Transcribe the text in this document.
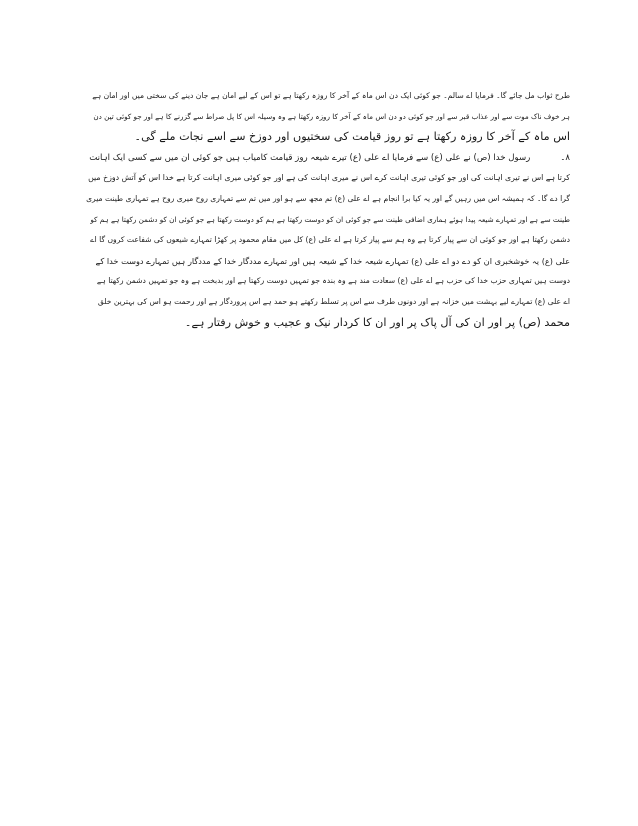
طرح ثواب مل جائے گا۔ فرمایا اے سالم۔ جو کوئی ایک دن اس ماہ کے آخر کا روزہ رکھتا ہے تو اس کے لیے امان ہے جان دینے کی سختی میں اور امان ہے
ہر خوف ناک موت سے اور عذاب قبر سے اور جو کوئی دو دن اس ماہ کے آخر کا روزہ رکھتا ہے وہ وسیلہ اس کا پل صراط سے گزرنے کا ہے اور جو کوئی تین دن
اس ماہ کے آخر کا روزہ رکھتا ہے تو روز قیامت کی سختیوں اور دوزخ سے اسے نجات ملے گی۔
۸۔رسول خدا (ص) نے علی (ع) سے فرمایا اے علی (ع) تیرے شیعہ روز قیامت کامیاب ہیں جو کوئی ان میں سے کسی ایک اہانت
کرتا ہے اس نے تیری اہانت کی اور جو کوئی تیری اہانت کرے اس نے میری اہانت کی ہے اور جو کوئی میری اہانت کرتا ہے خدا اس کو آتش دوزخ میں
گرا دے گا۔ کہ ہمیشہ اس میں رہیں گے اور یہ کیا برا انجام ہے اے علی (ع) تم مجھ سے ہو اور میں تم سے تمہاری روح میری روح ہے تمہاری طینت میری
طینت سے ہے اور تمہارے شیعہ پیدا ہوئے ہماری اضافی طینت سے جو کوئی ان کو دوست رکھتا ہے ہم کو دوست رکھتا ہے جو کوئی ان کو دشمن رکھتا ہے ہم کو
دشمن رکھتا ہے اور جو کوئی ان سے پیار کرتا ہے وہ ہم سے پیار کرتا ہے اے علی (ع) کل میں مقام محمود پر کھڑا تمہارے شیعوں کی شفاعت کروں گا اے
علی (ع) یہ خوشخبری ان کو دے دو اے علی (ع) تمہارے شیعہ خدا کے شیعہ ہیں اور تمہارے مددگار خدا کے مددگار ہیں تمہارے دوست خدا کے
دوست ہیں تمہاری حزب خدا کی حزب ہے اے علی (ع) سعادت مند ہے وہ بندہ جو تمہیں دوست رکھتا ہے اور بدبخت ہے وہ جو تمہیں دشمن رکھتا ہے
اے علی (ع) تمہارے لیے بہشت میں خزانہ ہے اور دونوں طرف سے اس پر تسلط رکھتے ہو حمد ہے اس پروردگار ہے اور رحمت ہو اس کی بہترین خلق
محمد (ص) پر اور ان کی آل پاک پر اور ان کا کردار نیک و عجیب و خوش رفتار ہے۔
